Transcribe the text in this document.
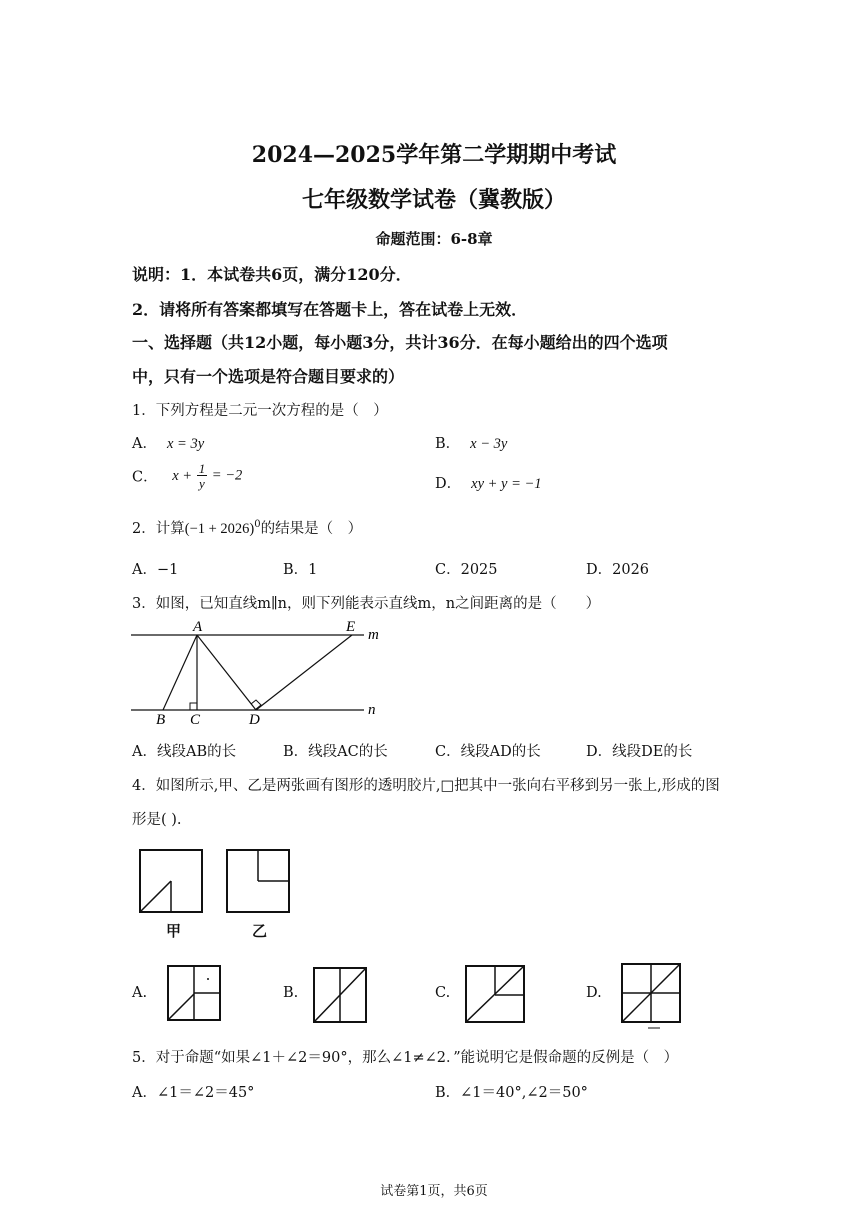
2024—2025学年第二学期期中考试
七年级数学试卷（冀教版）
命题范围：6-8章
说明：1．本试卷共6页，满分120分．
2．请将所有答案都填写在答题卡上，答在试卷上无效．
一、选择题（共12小题，每小题3分，共计36分．在每小题给出的四个选项
中，只有一个选项是符合题目要求的）
1．下列方程是二元一次方程的是（　）
A． x = 3y	B． x − 3y
C． $x + \frac{1}{y} = -2$
D． xy + y = −1
2．计算$(-1 + 2026)^0$的结果是（　）
A．−1	B．1	C．2025	D．2026
3．如图，已知直线m∥n，则下列能表示直线m，n之间距离的是（　　）
A	E m
n
B C	D
A．线段AB的长	B．线段AC的长	C．线段AD的长	D．线段DE的长
4．如图所示,甲、乙是两张画有图形的透明胶片,□把其中一张向右平移到另一张上,形成的图
形是( ).
甲	乙
A.	B.	C.	D.
5．对于命题“如果∠1＋∠2＝90°，那么∠1≠∠2．”能说明它是假命题的反例是（　）
A．∠1＝∠2＝45°	B．∠1＝40°,∠2＝50°
试卷第1页，共6页
